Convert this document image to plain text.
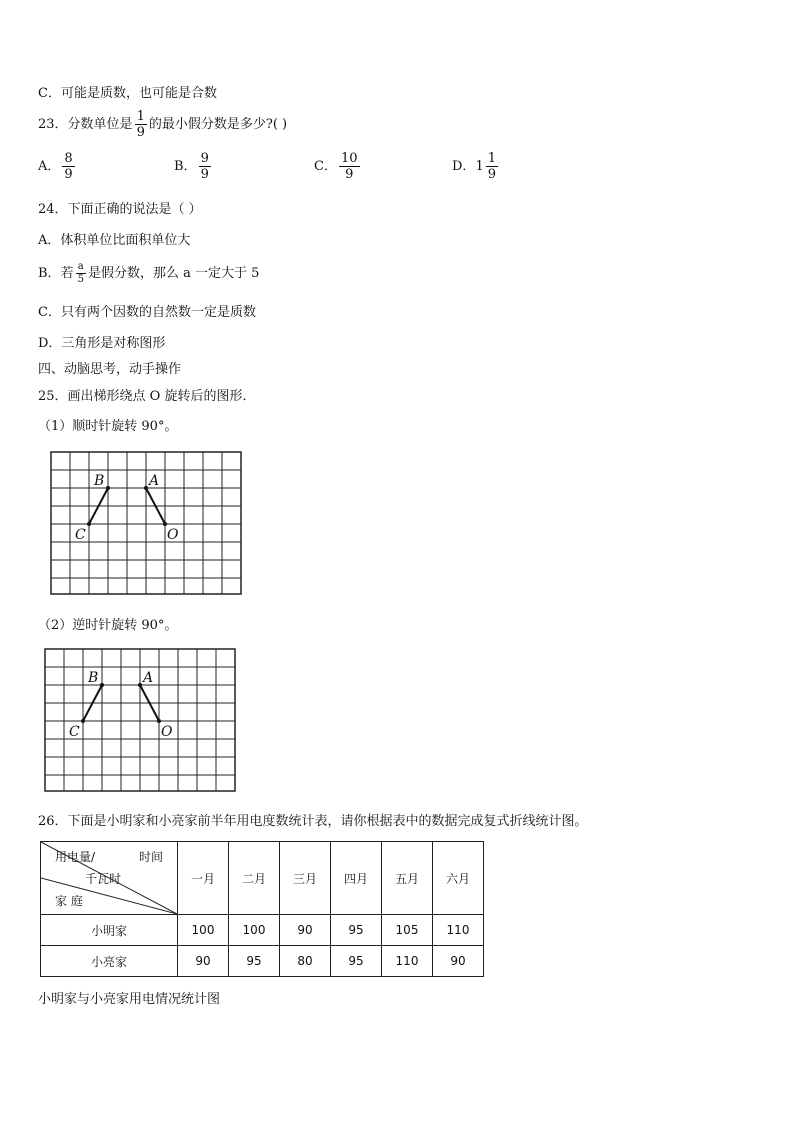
C．可能是质数，也可能是合数
23．分数单位是 $\frac{1}{9}$ 的最小假分数是多少?( )
A． $\frac{8}{9}$	B． $\frac{9}{9}$	C． $\frac{10}{9}$	D．$1 \frac{1}{9}$
24．下面正确的说法是（ ）
A．体积单位比面积单位大
B．若 $\frac{a}{5}$ 是假分数，那么 a 一定大于 5
C．只有两个因数的自然数一定是质数
D．三角形是对称图形
四、动脑思考，动手操作
25．画出梯形绕点 O 旋转后的图形．
（1）顺时针旋转 90°。
B	A
C	O
（2）逆时针旋转 90°。
B	A
C	O
26．下面是小明家和小亮家前半年用电度数统计表，请你根据表中的数据完成复式折线统计图。
用电量/ 时间
千瓦时
家 庭	一月	二月	三月	四月	五月	六月
小明家	100	100	90	95	105	110
小亮家	90	95	80	95	110	90
小明家与小亮家用电情况统计图
